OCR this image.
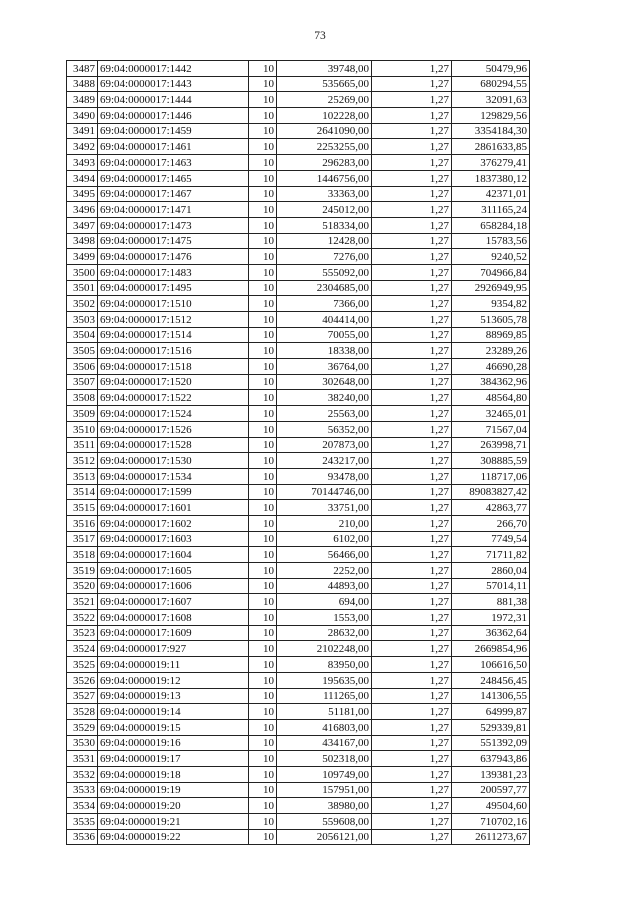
73
3487	69:04:0000017:1442	10	39748,00	1,27	50479,96
3488	69:04:0000017:1443	10	535665,00	1,27	680294,55
3489	69:04:0000017:1444	10	25269,00	1,27	32091,63
3490	69:04:0000017:1446	10	102228,00	1,27	129829,56
3491	69:04:0000017:1459	10	2641090,00	1,27	3354184,30
3492	69:04:0000017:1461	10	2253255,00	1,27	2861633,85
3493	69:04:0000017:1463	10	296283,00	1,27	376279,41
3494	69:04:0000017:1465	10	1446756,00	1,27	1837380,12
3495	69:04:0000017:1467	10	33363,00	1,27	42371,01
3496	69:04:0000017:1471	10	245012,00	1,27	311165,24
3497	69:04:0000017:1473	10	518334,00	1,27	658284,18
3498	69:04:0000017:1475	10	12428,00	1,27	15783,56
3499	69:04:0000017:1476	10	7276,00	1,27	9240,52
3500	69:04:0000017:1483	10	555092,00	1,27	704966,84
3501	69:04:0000017:1495	10	2304685,00	1,27	2926949,95
3502	69:04:0000017:1510	10	7366,00	1,27	9354,82
3503	69:04:0000017:1512	10	404414,00	1,27	513605,78
3504	69:04:0000017:1514	10	70055,00	1,27	88969,85
3505	69:04:0000017:1516	10	18338,00	1,27	23289,26
3506	69:04:0000017:1518	10	36764,00	1,27	46690,28
3507	69:04:0000017:1520	10	302648,00	1,27	384362,96
3508	69:04:0000017:1522	10	38240,00	1,27	48564,80
3509	69:04:0000017:1524	10	25563,00	1,27	32465,01
3510	69:04:0000017:1526	10	56352,00	1,27	71567,04
3511	69:04:0000017:1528	10	207873,00	1,27	263998,71
3512	69:04:0000017:1530	10	243217,00	1,27	308885,59
3513	69:04:0000017:1534	10	93478,00	1,27	118717,06
3514	69:04:0000017:1599	10	70144746,00	1,27	89083827,42
3515	69:04:0000017:1601	10	33751,00	1,27	42863,77
3516	69:04:0000017:1602	10	210,00	1,27	266,70
3517	69:04:0000017:1603	10	6102,00	1,27	7749,54
3518	69:04:0000017:1604	10	56466,00	1,27	71711,82
3519	69:04:0000017:1605	10	2252,00	1,27	2860,04
3520	69:04:0000017:1606	10	44893,00	1,27	57014,11
3521	69:04:0000017:1607	10	694,00	1,27	881,38
3522	69:04:0000017:1608	10	1553,00	1,27	1972,31
3523	69:04:0000017:1609	10	28632,00	1,27	36362,64
3524	69:04:0000017:927	10	2102248,00	1,27	2669854,96
3525	69:04:0000019:11	10	83950,00	1,27	106616,50
3526	69:04:0000019:12	10	195635,00	1,27	248456,45
3527	69:04:0000019:13	10	111265,00	1,27	141306,55
3528	69:04:0000019:14	10	51181,00	1,27	64999,87
3529	69:04:0000019:15	10	416803,00	1,27	529339,81
3530	69:04:0000019:16	10	434167,00	1,27	551392,09
3531	69:04:0000019:17	10	502318,00	1,27	637943,86
3532	69:04:0000019:18	10	109749,00	1,27	139381,23
3533	69:04:0000019:19	10	157951,00	1,27	200597,77
3534	69:04:0000019:20	10	38980,00	1,27	49504,60
3535	69:04:0000019:21	10	559608,00	1,27	710702,16
3536	69:04:0000019:22	10	2056121,00	1,27	2611273,67
